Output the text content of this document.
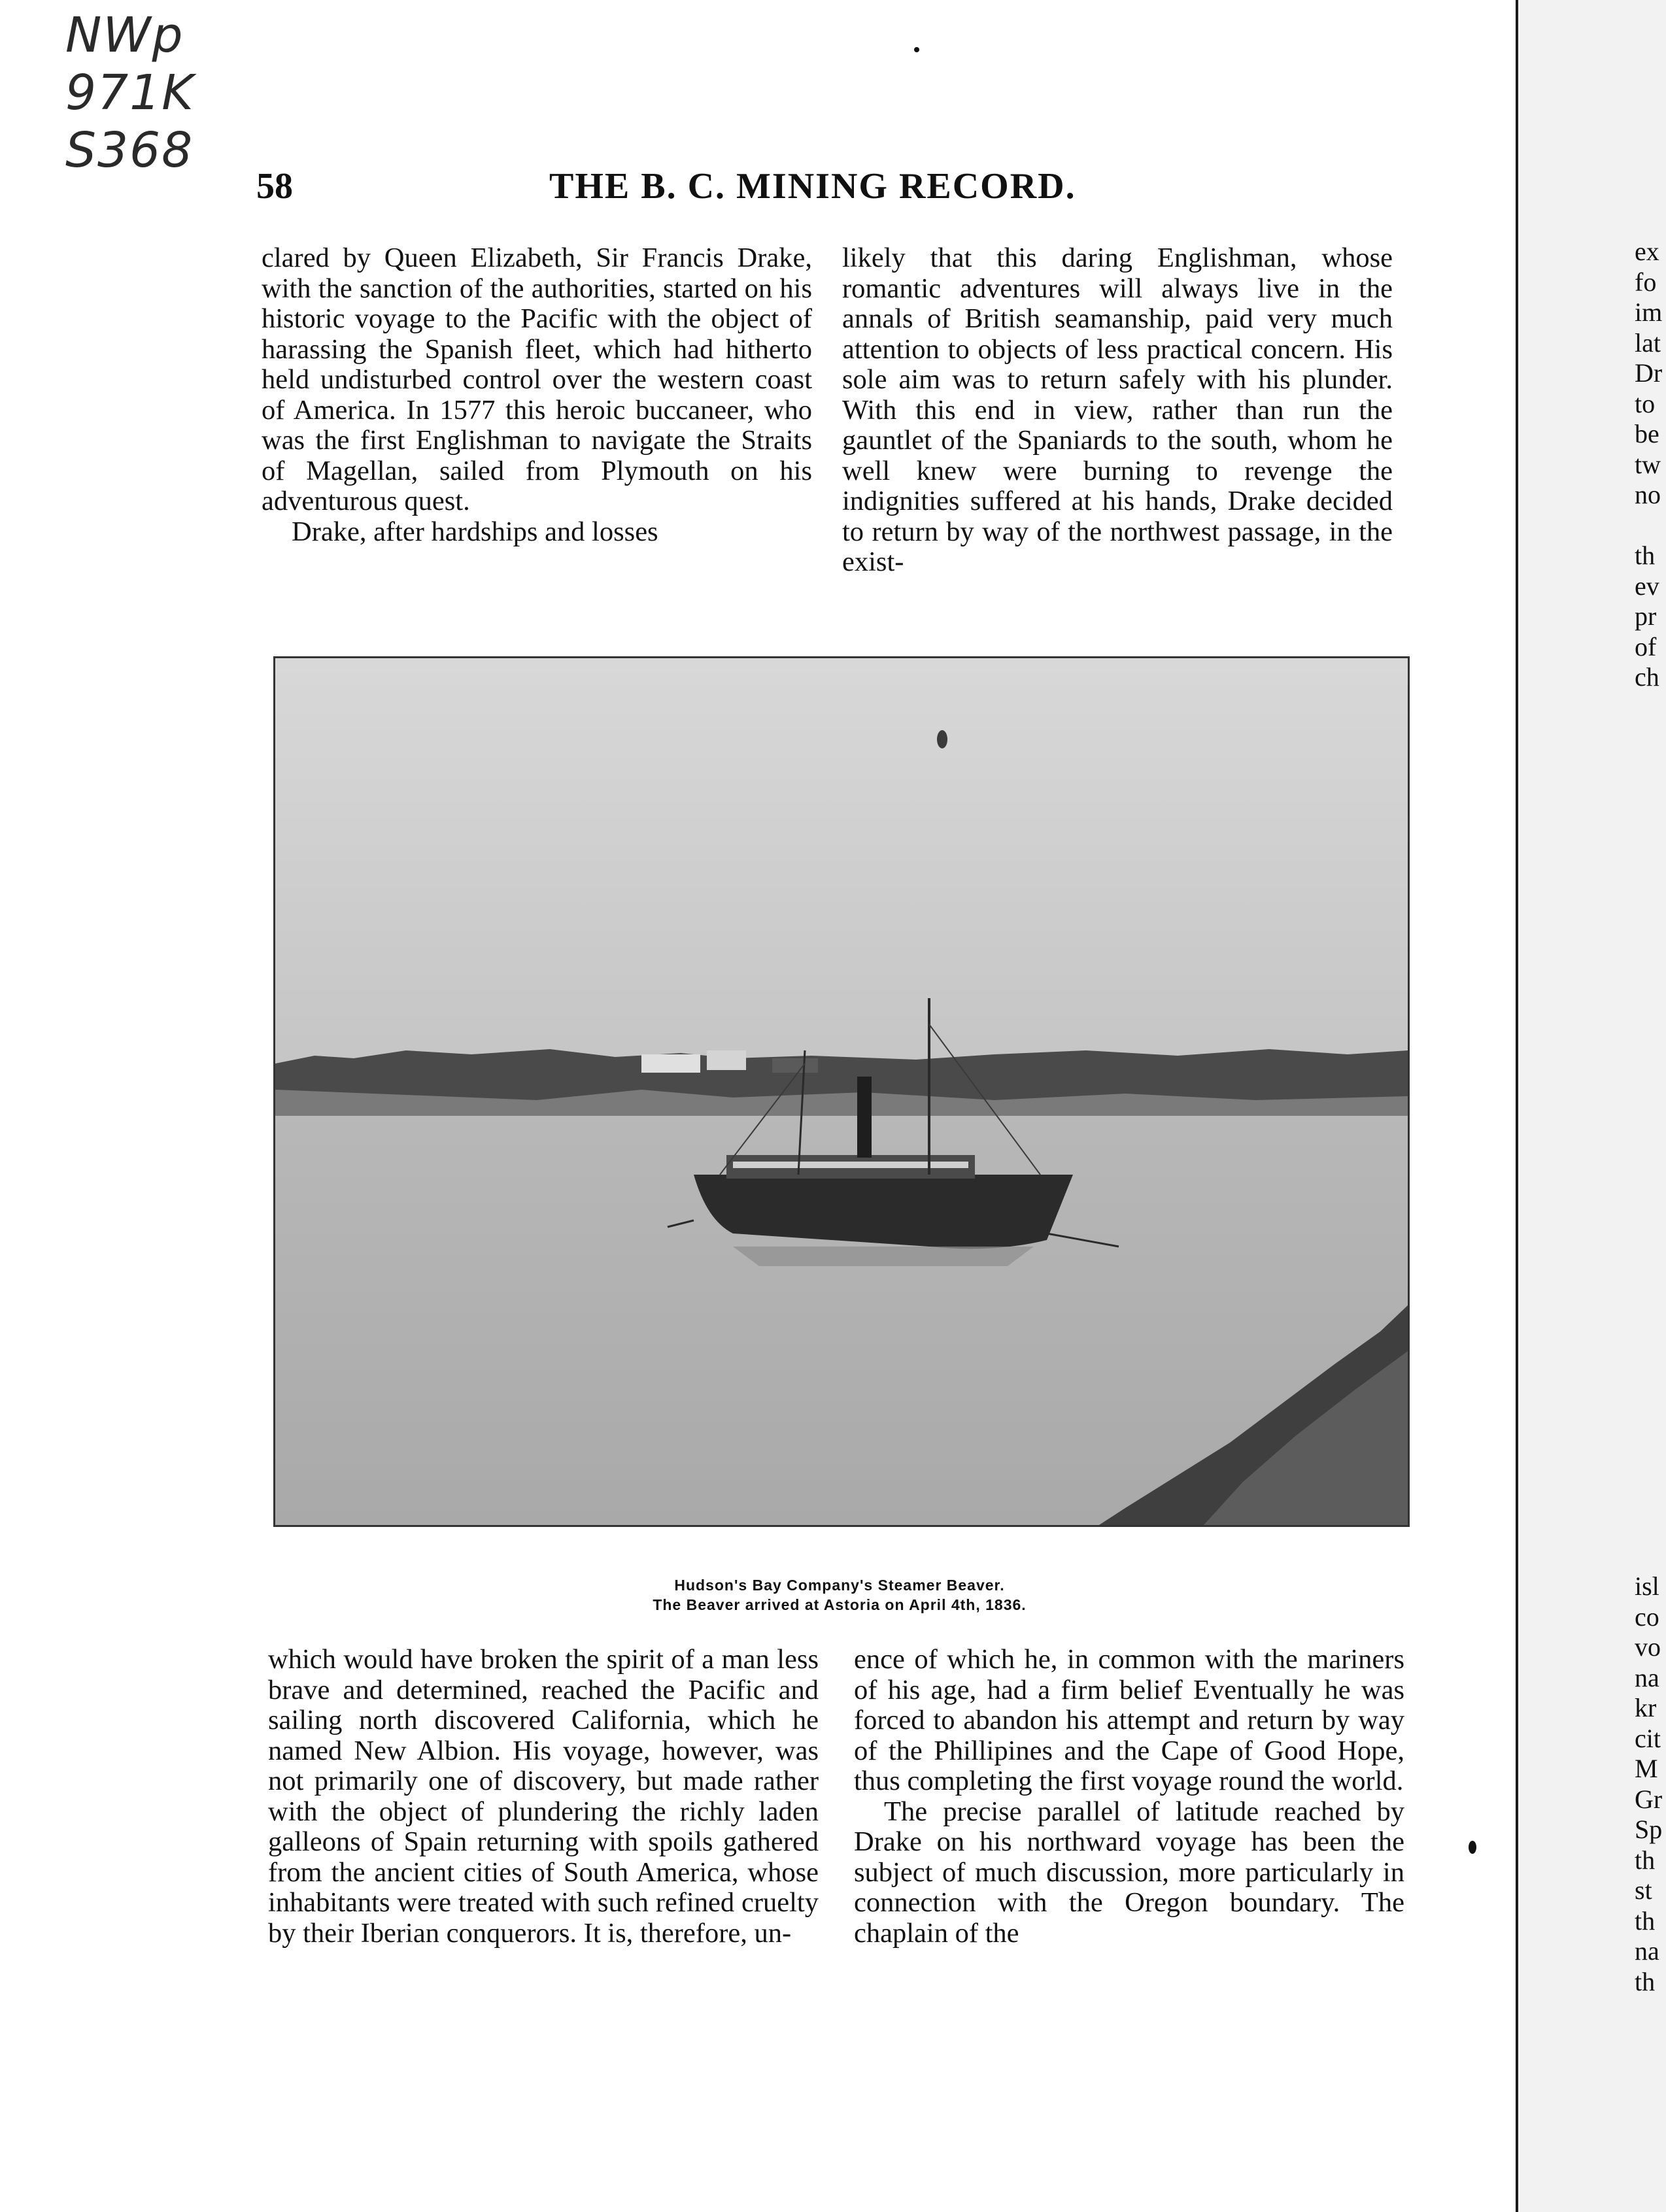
NWp
971K
S368
58	THE B. C. MINING RECORD.

clared by Queen Elizabeth, Sir Francis Drake, with the sanction of the authorities, started on his historic voyage to the Pacific with the object of harassing the Spanish fleet, which had hitherto held undisturbed control over the western coast of America. In 1577 this heroic buccaneer, who was the first Englishman to navigate the Straits of Magellan, sailed from Plymouth on his adventurous quest.

Drake, after hardships and losses

likely that this daring Englishman, whose romantic adventures will always live in the annals of British seamanship, paid very much attention to objects of less practical concern. His sole aim was to return safely with his plunder. With this end in view, rather than run the gauntlet of the Spaniards to the south, whom he well knew were burning to revenge the indignities suffered at his hands, Drake decided to return by way of the northwest passage, in the exist-

Hudson's Bay Company's Steamer Beaver.
The Beaver arrived at Astoria on April 4th, 1836.

which would have broken the spirit of a man less brave and determined, reached the Pacific and sailing north discovered California, which he named New Albion. His voyage, however, was not primarily one of discovery, but made rather with the object of plundering the richly laden galleons of Spain returning with spoils gathered from the ancient cities of South America, whose inhabitants were treated with such refined cruelty by their Iberian conquerors. It is, therefore, un-

ence of which he, in common with the mariners of his age, had a firm belief Eventually he was forced to abandon his attempt and return by way of the Phillipines and the Cape of Good Hope, thus completing the first voyage round the world.

The precise parallel of latitude reached by Drake on his northward voyage has been the subject of much discussion, more particularly in connection with the Oregon boundary. The chaplain of the

ex
fo
im
lat
Dr
to
be
tw
no

th
ev
pr
of
ch
isl
co
vo
na
kr
cit
M
Gr
Sp
th
st
th
na
th
